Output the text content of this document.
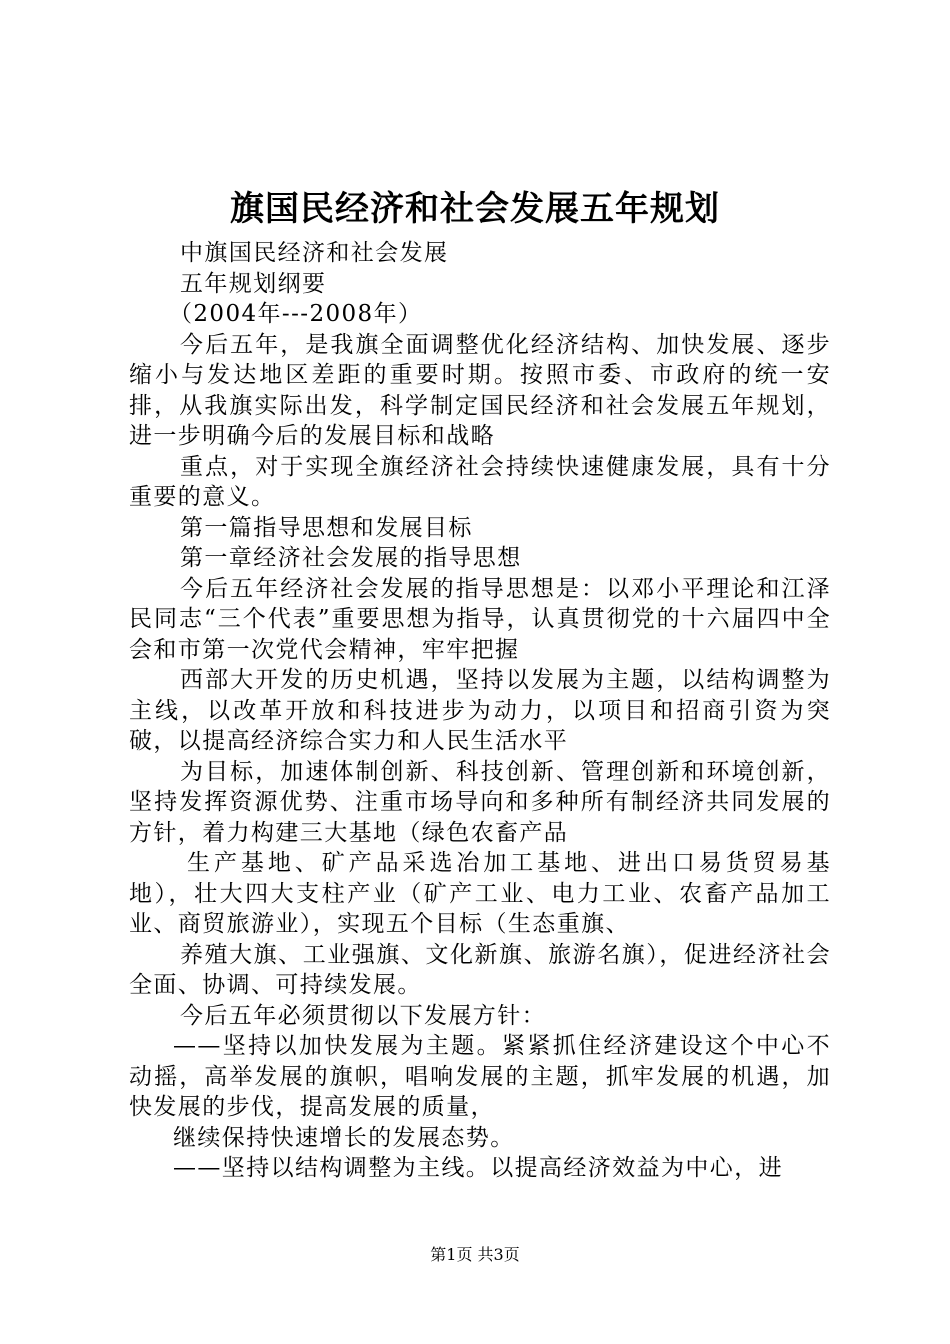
旗国民经济和社会发展五年规划

中旗国民经济和社会发展

五年规划纲要

（2004年---2008年）

今后五年，是我旗全面调整优化经济结构、加快发展、逐步缩小与发达地区差距的重要时期。按照市委、市政府的统一安排，从我旗实际出发，科学制定国民经济和社会发展五年规划，进一步明确今后的发展目标和战略

重点，对于实现全旗经济社会持续快速健康发展，具有十分重要的意义。

第一篇指导思想和发展目标

第一章经济社会发展的指导思想

今后五年经济社会发展的指导思想是：以邓小平理论和江泽民同志“三个代表”重要思想为指导，认真贯彻党的十六届四中全会和市第一次党代会精神，牢牢把握

西部大开发的历史机遇，坚持以发展为主题，以结构调整为主线，以改革开放和科技进步为动力，以项目和招商引资为突破，以提高经济综合实力和人民生活水平

为目标，加速体制创新、科技创新、管理创新和环境创新，坚持发挥资源优势、注重市场导向和多种所有制经济共同发展的方针，着力构建三大基地（绿色农畜产品

生产基地、矿产品采选冶加工基地、进出口易货贸易基地），壮大四大支柱产业（矿产工业、电力工业、农畜产品加工业、商贸旅游业），实现五个目标（生态重旗、

养殖大旗、工业强旗、文化新旗、旅游名旗），促进经济社会全面、协调、可持续发展。

今后五年必须贯彻以下发展方针：

——坚持以加快发展为主题。紧紧抓住经济建设这个中心不动摇，高举发展的旗帜，唱响发展的主题，抓牢发展的机遇，加快发展的步伐，提高发展的质量，

继续保持快速增长的发展态势。

——坚持以结构调整为主线。以提高经济效益为中心，进

第1页 共3页
